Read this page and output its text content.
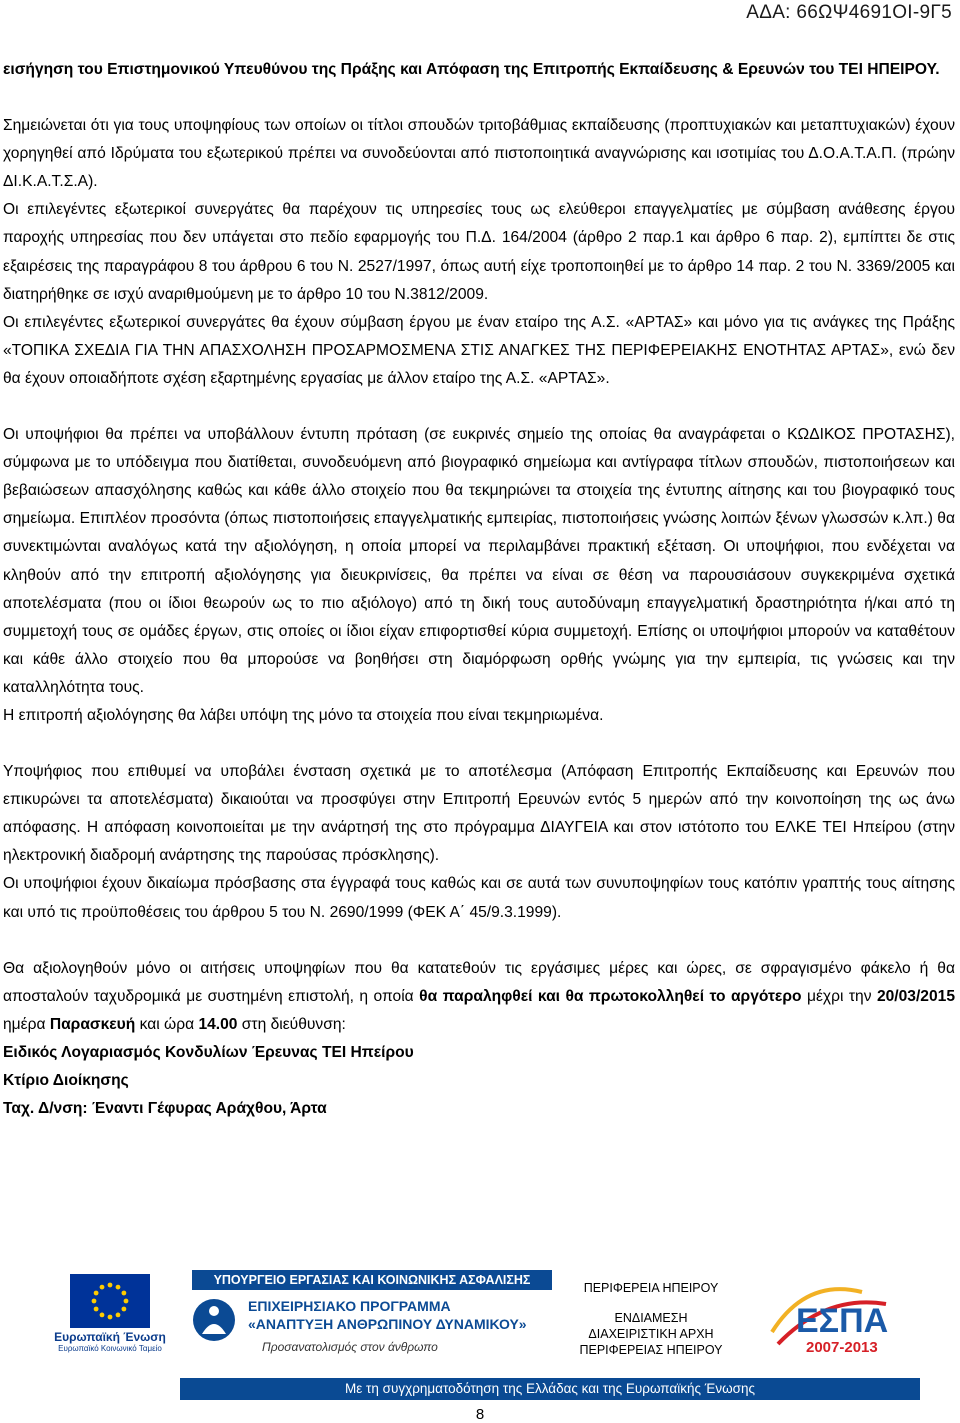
ΑΔΑ: 66ΩΨ4691ΟΙ-9Γ5

εισήγηση του Επιστημονικού Υπευθύνου της Πράξης και Απόφαση της Επιτροπής Εκπαίδευσης & Ερευνών του ΤΕΙ ΗΠΕΙΡΟΥ.

Σημειώνεται ότι για τους υποψηφίους των οποίων οι τίτλοι σπουδών τριτοβάθμιας εκπαίδευσης (προπτυχιακών και μεταπτυχιακών) έχουν χορηγηθεί από Ιδρύματα του εξωτερικού πρέπει να συνοδεύονται από πιστοποιητικά αναγνώρισης και ισοτιμίας του Δ.Ο.Α.Τ.Α.Π. (πρώην ΔΙ.Κ.Α.Τ.Σ.Α).

Οι επιλεγέντες εξωτερικοί συνεργάτες θα παρέχουν τις υπηρεσίες τους ως ελεύθεροι επαγγελματίες με σύμβαση ανάθεσης έργου παροχής υπηρεσίας που δεν υπάγεται στο πεδίο εφαρμογής του Π.Δ. 164/2004 (άρθρο 2 παρ.1 και άρθρο 6 παρ. 2), εμπίπτει δε στις εξαιρέσεις της παραγράφου 8 του άρθρου 6 του Ν. 2527/1997, όπως αυτή είχε τροποποιηθεί με το άρθρο 14 παρ. 2 του Ν. 3369/2005 και διατηρήθηκε σε ισχύ αναριθμούμενη με το άρθρο 10 του Ν.3812/2009.

Οι επιλεγέντες εξωτερικοί συνεργάτες θα έχουν σύμβαση έργου με έναν εταίρο της Α.Σ. «ΑΡΤΑΣ» και μόνο για τις ανάγκες της Πράξης «ΤΟΠΙΚΑ ΣΧΕΔΙΑ ΓΙΑ ΤΗΝ ΑΠΑΣΧΟΛΗΣΗ ΠΡΟΣΑΡΜΟΣΜΕΝΑ ΣΤΙΣ ΑΝΑΓΚΕΣ ΤΗΣ ΠΕΡΙΦΕΡΕΙΑΚΗΣ ΕΝΟΤΗΤΑΣ ΑΡΤΑΣ», ενώ δεν θα έχουν οποιαδήποτε σχέση εξαρτημένης εργασίας με άλλον εταίρο της Α.Σ. «ΑΡΤΑΣ».

Οι υποψήφιοι θα πρέπει να υποβάλλουν έντυπη πρόταση (σε ευκρινές σημείο της οποίας θα αναγράφεται ο ΚΩΔΙΚΟΣ ΠΡΟΤΑΣΗΣ), σύμφωνα με το υπόδειγμα που διατίθεται, συνοδευόμενη από βιογραφικό σημείωμα και αντίγραφα τίτλων σπουδών, πιστοποιήσεων και βεβαιώσεων απασχόλησης καθώς και κάθε άλλο στοιχείο που θα τεκμηριώνει τα στοιχεία της έντυπης αίτησης και του βιογραφικό τους σημείωμα. Επιπλέον προσόντα (όπως πιστοποιήσεις επαγγελματικής εμπειρίας, πιστοποιήσεις γνώσης λοιπών ξένων γλωσσών κ.λπ.) θα συνεκτιμώνται αναλόγως κατά την αξιολόγηση, η οποία μπορεί να περιλαμβάνει πρακτική εξέταση. Οι υποψήφιοι, που ενδέχεται να κληθούν από την επιτροπή αξιολόγησης για διευκρινίσεις, θα πρέπει να είναι σε θέση να παρουσιάσουν συγκεκριμένα σχετικά αποτελέσματα (που οι ίδιοι θεωρούν ως το πιο αξιόλογο) από τη δική τους αυτοδύναμη επαγγελματική δραστηριότητα ή/και από τη συμμετοχή τους σε ομάδες έργων, στις οποίες οι ίδιοι είχαν επιφορτισθεί κύρια συμμετοχή. Επίσης οι υποψήφιοι μπορούν να καταθέτουν και κάθε άλλο στοιχείο που θα μπορούσε να βοηθήσει στη διαμόρφωση ορθής γνώμης για την εμπειρία, τις γνώσεις και την καταλληλότητα τους.

Η επιτροπή αξιολόγησης θα λάβει υπόψη της μόνο τα στοιχεία που είναι τεκμηριωμένα.

Υποψήφιος που επιθυμεί να υποβάλει ένσταση σχετικά με το αποτέλεσμα (Απόφαση Επιτροπής Εκπαίδευσης και Ερευνών που επικυρώνει τα αποτελέσματα) δικαιούται να προσφύγει στην Επιτροπή Ερευνών εντός 5 ημερών από την κοινοποίηση της ως άνω απόφασης. Η απόφαση κοινοποιείται με την ανάρτησή της στο πρόγραμμα ΔΙΑΥΓΕΙΑ και στον ιστότοπο του ΕΛΚΕ ΤΕΙ Ηπείρου (στην ηλεκτρονική διαδρομή ανάρτησης της παρούσας πρόσκλησης).

Οι υποψήφιοι έχουν δικαίωμα πρόσβασης στα έγγραφά τους καθώς και σε αυτά των συνυποψηφίων τους κατόπιν γραπτής τους αίτησης και υπό τις προϋποθέσεις του άρθρου 5 του Ν. 2690/1999 (ΦΕΚ Α΄ 45/9.3.1999).

Θα αξιολογηθούν μόνο οι αιτήσεις υποψηφίων που θα κατατεθούν τις εργάσιμες μέρες και ώρες, σε σφραγισμένο φάκελο ή θα αποσταλούν ταχυδρομικά με συστημένη επιστολή, η οποία θα παραληφθεί και θα πρωτοκολληθεί το αργότερο μέχρι την 20/03/2015 ημέρα Παρασκευή και ώρα 14.00 στη διεύθυνση:

Ειδικός Λογαριασμός Κονδυλίων Έρευνας ΤΕΙ Ηπείρου

Κτίριο Διοίκησης

Ταχ. Δ/νση: Έναντι Γέφυρας Αράχθου, Άρτα

ΥΠΟΥΡΓΕΙΟ ΕΡΓΑΣΙΑΣ ΚΑΙ ΚΟΙΝΩΝΙΚΗΣ ΑΣΦΑΛΙΣΗΣ
Ευρωπαϊκή Ένωση
Ευρωπαϊκό Κοινωνικό Ταμείο
ΕΠΙΧΕΙΡΗΣΙΑΚΟ ΠΡΟΓΡΑΜΜΑ
«ΑΝΑΠΤΥΞΗ ΑΝΘΡΩΠΙΝΟΥ ΔΥΝΑΜΙΚΟΥ»
Προσανατολισμός στον άνθρωπο
ΠΕΡΙΦΕΡΕΙΑ ΗΠΕΙΡΟΥ
ΕΝΔΙΑΜΕΣΗ
ΔΙΑΧΕΙΡΙΣΤΙΚΗ ΑΡΧΗ
ΠΕΡΙΦΕΡΕΙΑΣ ΗΠΕΙΡΟΥ
ΕΣΠΑ
2007-2013
Με τη συγχρηματοδότηση της Ελλάδας και της Ευρωπαϊκής Ένωσης
8
